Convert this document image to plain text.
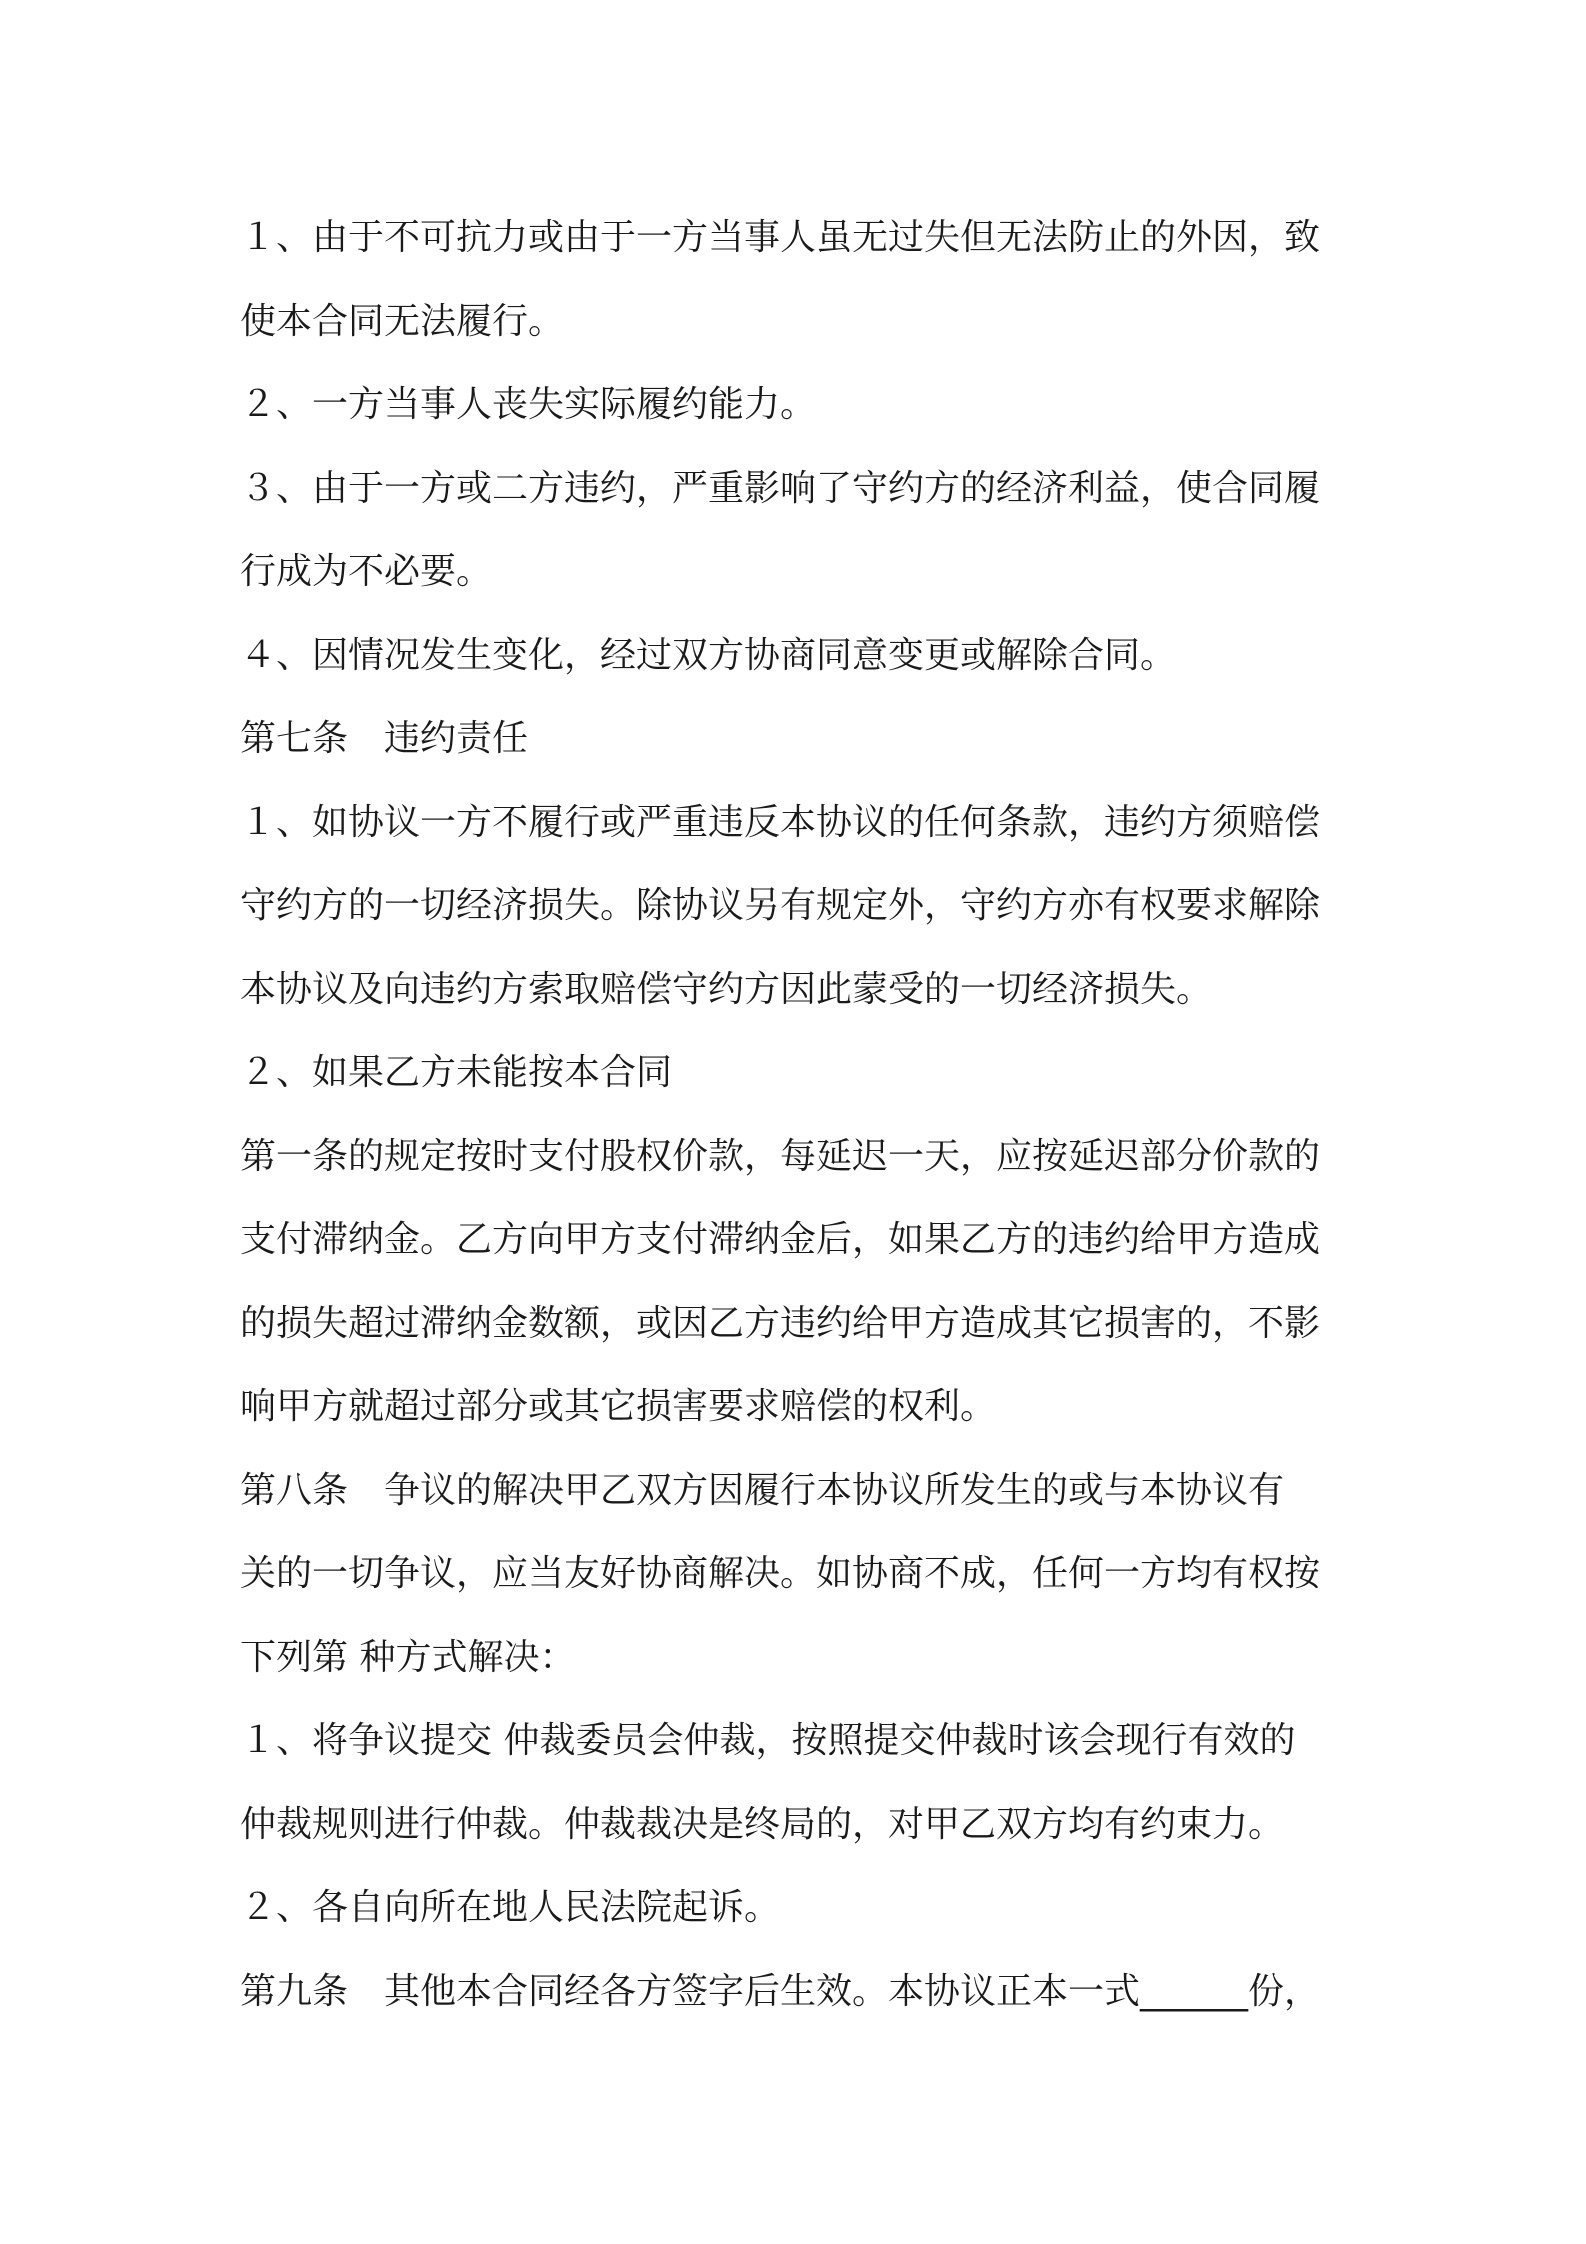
１、由于不可抗力或由于一方当事人虽无过失但无法防止的外因，致

使本合同无法履行。

２、一方当事人丧失实际履约能力。

３、由于一方或二方违约，严重影响了守约方的经济利益，使合同履

行成为不必要。

４、因情况发生变化，经过双方协商同意变更或解除合同。

第七条　违约责任

１、如协议一方不履行或严重违反本协议的任何条款，违约方须赔偿

守约方的一切经济损失。除协议另有规定外，守约方亦有权要求解除

本协议及向违约方索取赔偿守约方因此蒙受的一切经济损失。

２、如果乙方未能按本合同

第一条的规定按时支付股权价款，每延迟一天，应按延迟部分价款的

支付滞纳金。乙方向甲方支付滞纳金后，如果乙方的违约给甲方造成

的损失超过滞纳金数额，或因乙方违约给甲方造成其它损害的，不影

响甲方就超过部分或其它损害要求赔偿的权利。

第八条　争议的解决甲乙双方因履行本协议所发生的或与本协议有

关的一切争议，应当友好协商解决。如协商不成，任何一方均有权按

下列第 种方式解决：

１、将争议提交 仲裁委员会仲裁，按照提交仲裁时该会现行有效的

仲裁规则进行仲裁。仲裁裁决是终局的，对甲乙双方均有约束力。

２、各自向所在地人民法院起诉。

第九条　其他本合同经各方签字后生效。本协议正本一式______份，
